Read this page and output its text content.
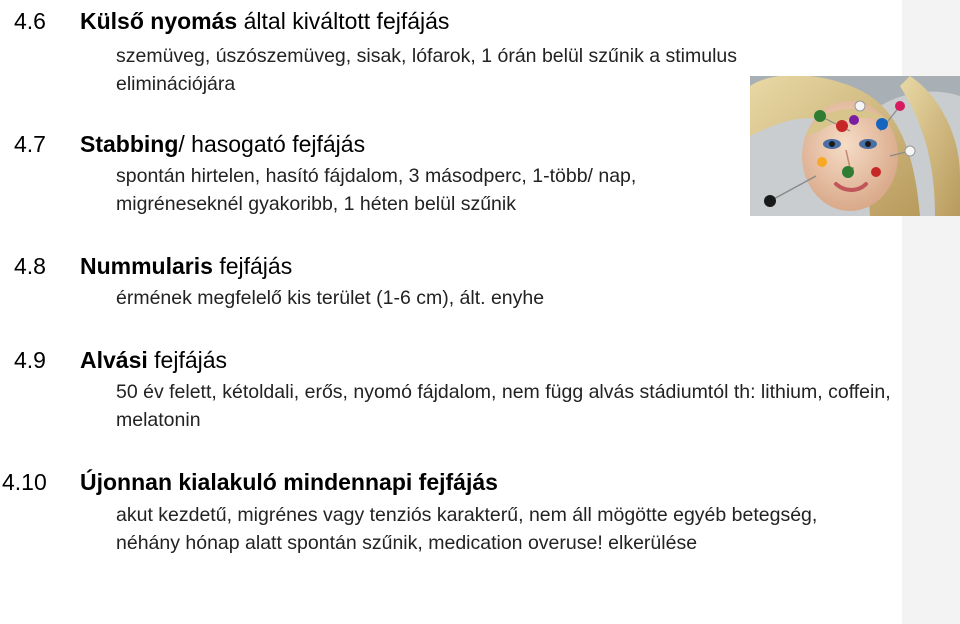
4.6 Külső nyomás által kiváltott fejfájás
szemüveg, úszószemüveg, sisak, lófarok, 1 órán belül szűnik a stimulus eliminációjára
4.7 Stabbing/ hasogató fejfájás
spontán hirtelen, hasító fájdalom, 3 másodperc, 1-több/ nap, migréneseknél gyakoribb, 1 héten belül szűnik
4.8 Nummularis fejfájás
érmének megfelelő kis terület (1-6 cm), ált. enyhe
4.9 Alvási fejfájás
50 év felett, kétoldali, erős, nyomó fájdalom, nem függ alvás stádiumtól th: lithium, coffein, melatonin
4.10 Újonnan kialakuló mindennapi fejfájás
akut kezdetű, migrénes vagy tenziós karakterű, nem áll mögötte egyéb betegség, néhány hónap alatt spontán szűnik, medication overuse! elkerülése
